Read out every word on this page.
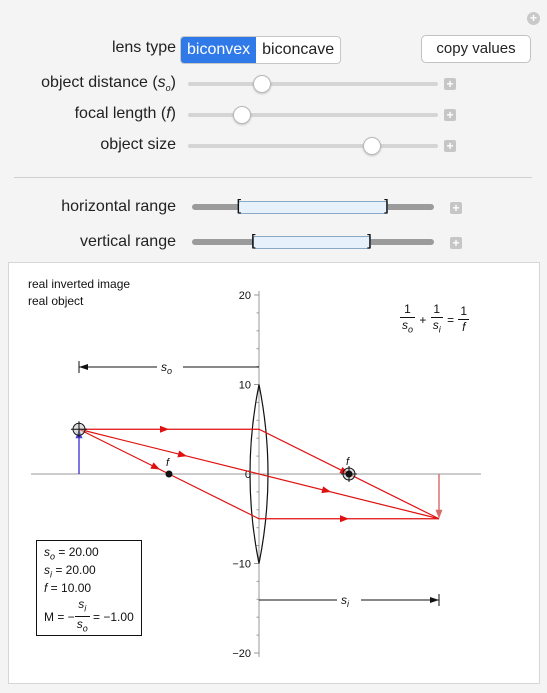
+
lens type biconvex biconcave	copy values
object distance $(s_o)$	+
focal length (f)	+
object size	+
horizontal range	[	]	+
vertical range	[	]	+
20
10
0
−10
−20
f	f
$s_o$
$s_i$
real inverted image
real object
$\frac{1}{s_o} + \frac{1}{s_i} = \frac{1}{f}$
$s_o = 20.00$
$s_i = 20.00$
f = 10.00
M = − $\frac{s_i}{s_o} = -1.00$
